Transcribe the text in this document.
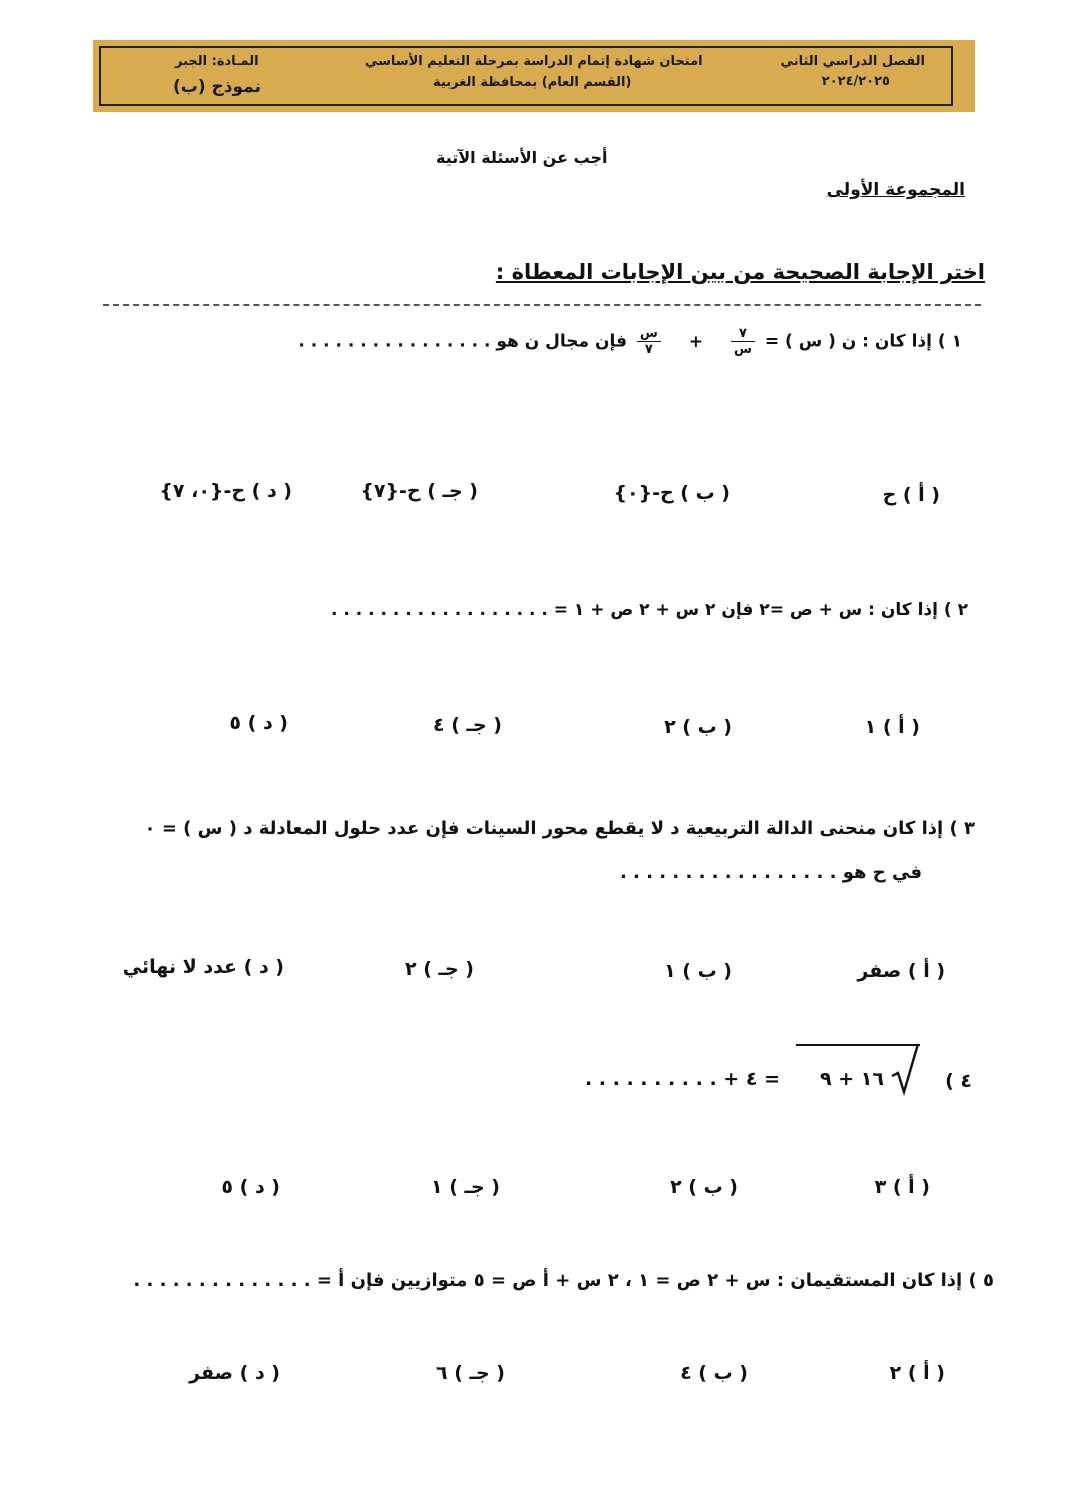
الفصل الدراسي الثاني
٢٠٢٤/٢٠٢٥
امتحان شهادة إتمام الدراسة بمرحلة التعليم الأساسي
(القسم العام) بمحافظة الغربية
المـادة: الجبر
نموذج (ب)
أجب عن الأسئلة الآتية
المجموعة الأولى
اختر الإجابة الصحيحة من بين الإجابات المعطاة :
١ ) إذا كان : ن ( س ) =
$\frac{٧}{\text{س}}$
+
$\frac{\text{س}}{٧}$
فإن مجال ن هو . . . . . . . . . . . . . . . .
( أ ) ح
( ب ) ح-{٠}
( جـ ) ح-{٧}
( د ) ح-{٠، ٧}
٢ ) إذا كان : س + ص =٢ فإن ٢ س + ٢ ص + ١ = . . . . . . . . . . . . . . . . . .
( أ ) ١
( ب ) ٢
( جـ ) ٤
( د ) ٥
٣ ) إذا كان منحنى الدالة التربيعية د لا يقطع محور السينات فإن عدد حلول المعادلة د ( س ) = ٠
في ح هو . . . . . . . . . . . . . . . . .
( أ ) صفر
( ب ) ١
( جـ ) ٢
( د ) عدد لا نهائي
٤ )
١٦ + ٩
= ٤ + . . . . . . . . . .
( أ ) ٣
( ب ) ٢
( جـ ) ١
( د ) ٥
٥ ) إذا كان المستقيمان : س + ٢ ص = ١ ، ٢ س + أ ص = ٥ متوازيين فإن أ = . . . . . . . . . . . . . .
( أ ) ٢
( ب ) ٤
( جـ ) ٦
( د ) صفر
